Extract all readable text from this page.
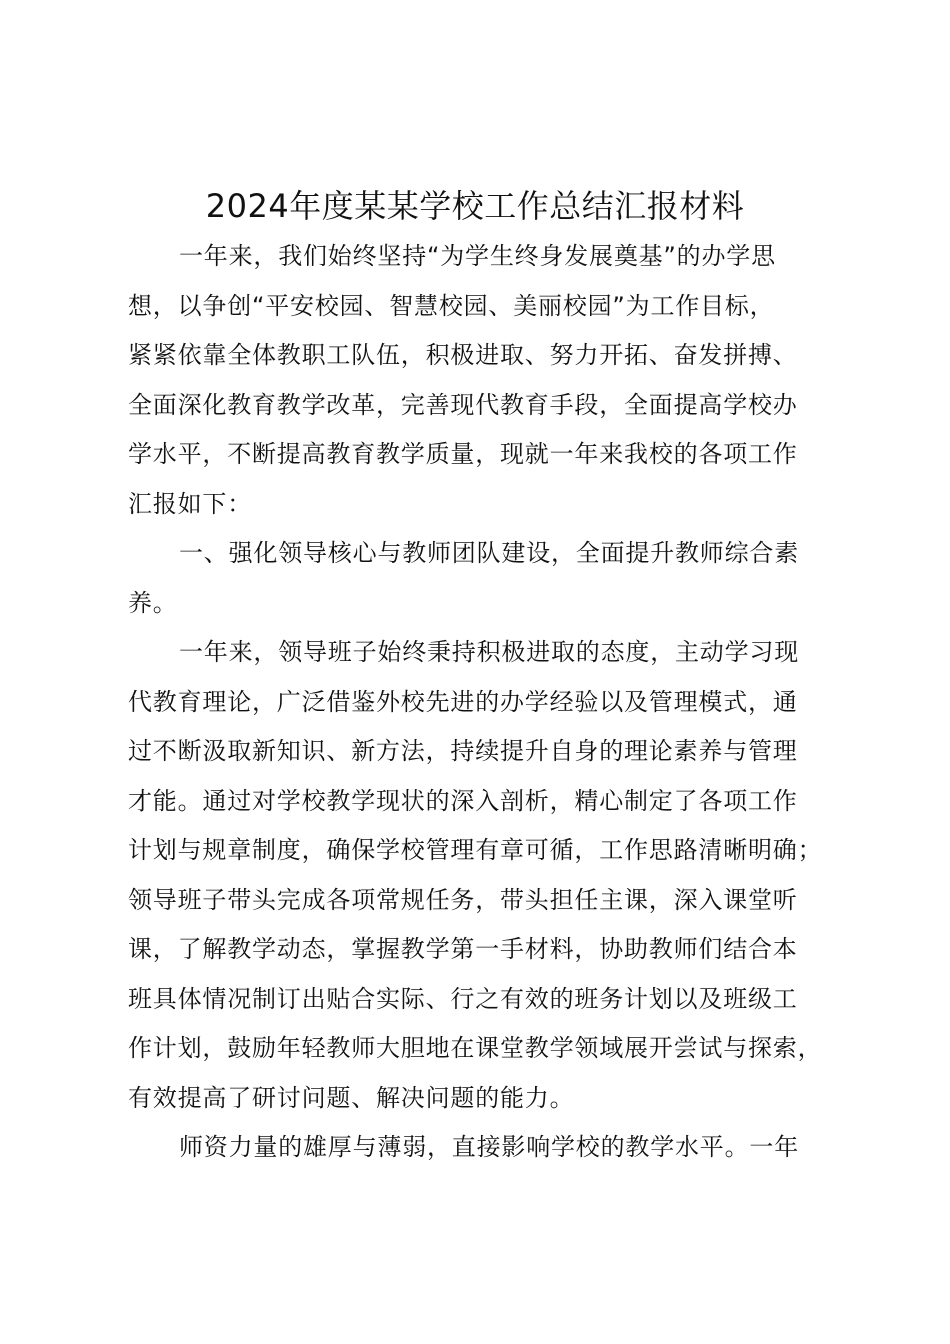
2024年度某某学校工作总结汇报材料

一年来，我们始终坚持“为学生终身发展奠基”的办学思
想，以争创“平安校园、智慧校园、美丽校园”为工作目标，
紧紧依靠全体教职工队伍，积极进取、努力开拓、奋发拼搏、
全面深化教育教学改革，完善现代教育手段，全面提高学校办
学水平，不断提高教育教学质量，现就一年来我校的各项工作
汇报如下：

一、强化领导核心与教师团队建设，全面提升教师综合素
养。

一年来，领导班子始终秉持积极进取的态度，主动学习现
代教育理论，广泛借鉴外校先进的办学经验以及管理模式，通
过不断汲取新知识、新方法，持续提升自身的理论素养与管理
才能。通过对学校教学现状的深入剖析，精心制定了各项工作
计划与规章制度，确保学校管理有章可循，工作思路清晰明确；
领导班子带头完成各项常规任务，带头担任主课，深入课堂听
课，了解教学动态，掌握教学第一手材料，协助教师们结合本
班具体情况制订出贴合实际、行之有效的班务计划以及班级工
作计划，鼓励年轻教师大胆地在课堂教学领域展开尝试与探索，
有效提高了研讨问题、解决问题的能力。

师资力量的雄厚与薄弱，直接影响学校的教学水平。一年
